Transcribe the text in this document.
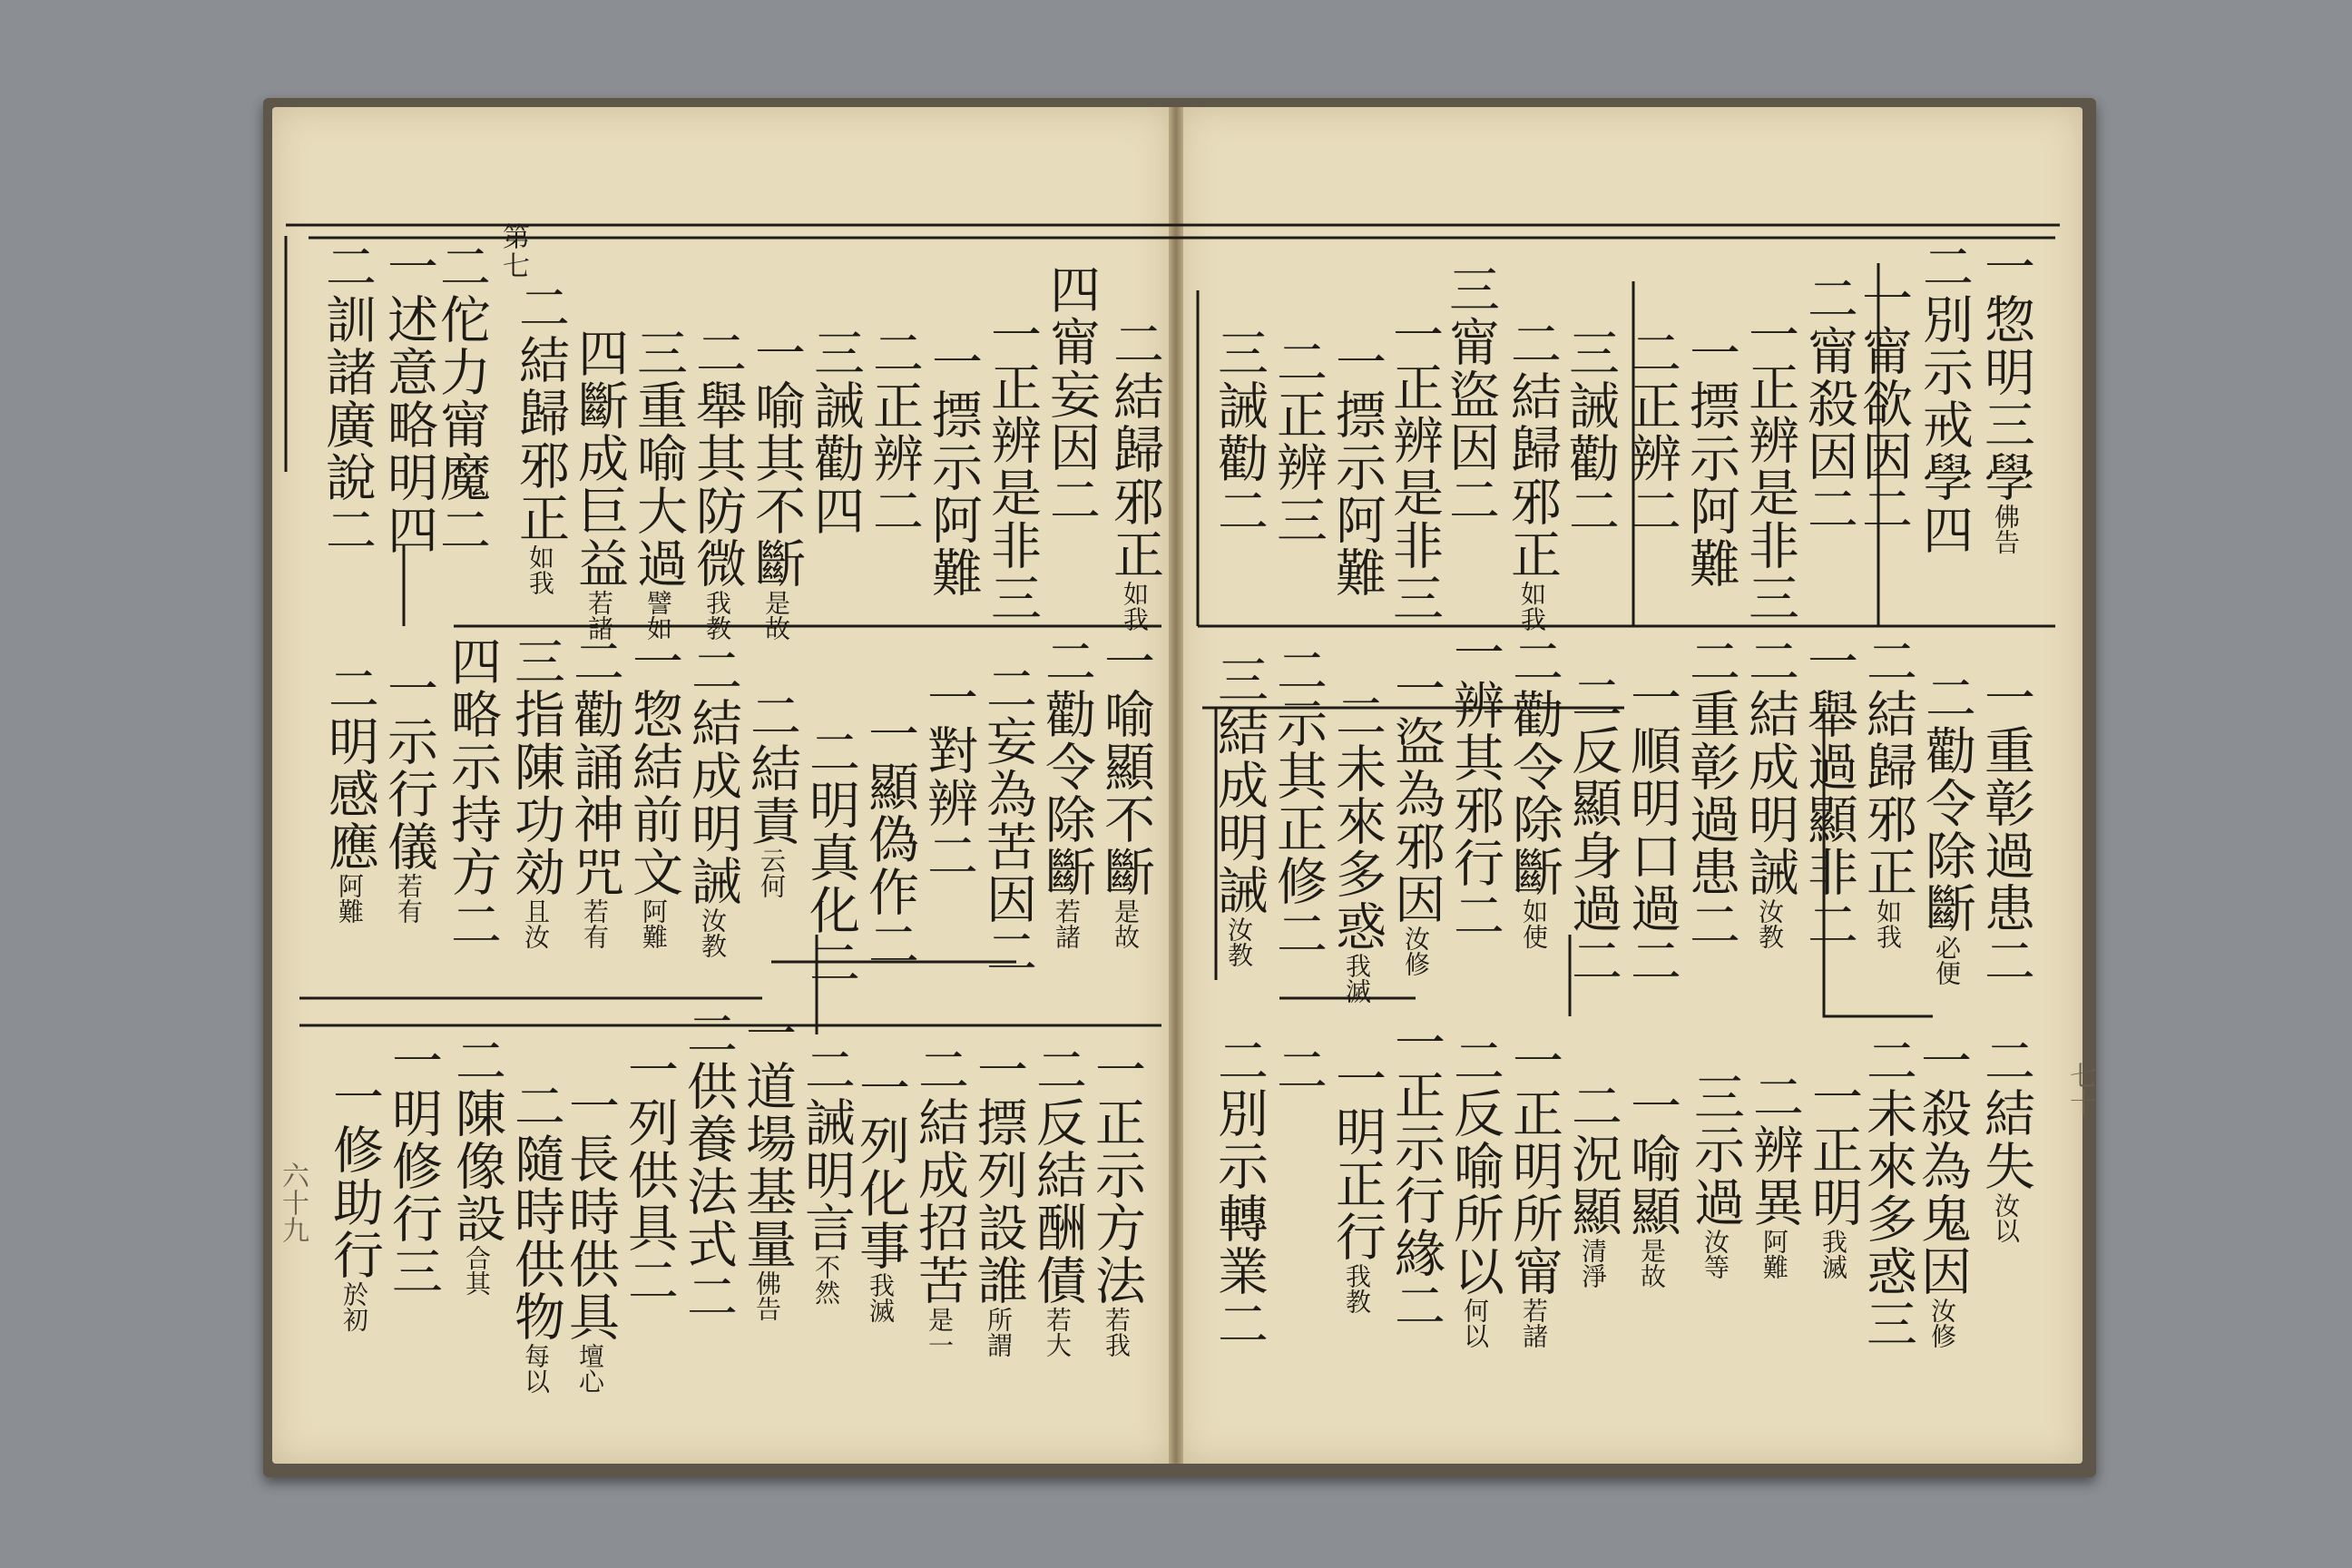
七十
六十九
一惣明三學佛告
二別示戒學四
一甯欲因二
二甯殺因二
一正辨是非三
一摽示阿難
二正辨二
三誡勸二
二結歸邪正如我
三甯盜因二
一正辨是非三
一摽示阿難
二正辨三
三誡勸二
二結歸邪正如我
四甯妄因二
一正辨是非三
一摽示阿難
二正辨二
三誡勸四
一喻其不斷是故
二舉其防微我教
三重喻大過譬如
四斷成巨益若諸
二結歸邪正如我
第七
二佗力甯魔二
一述意略明四
二訓諸廣說二
一重彰過患二
二勸令除斷必便
二結歸邪正如我
一舉過顯非二
二結成明誡汝教
二重彰過患二
一順明口過二
二反顯身過二
二勸令除斷如使
一辨其邪行二
一盜為邪因汝修
二未來多惑我滅
二示其正修二
三結成明誡汝教
一喻顯不斷是故
二勸令除斷若諸
二妄為苦因二
一對辨二
一顯偽作二
二明真化二
二結責云何
二結成明誡汝教
一惣結前文阿難
二勸誦神咒若有
三指陳功効且汝
四略示持方二
一示行儀若有
二明感應阿難
二結失汝以
一殺為鬼因汝修
二未來多惑三
一正明我滅
二辨異阿難
三示過汝等
一喻顯是故
二況顯清淨
一正明所甯若諸
二反喻所以何以
一正示行緣二
一明正行我教
二
二別示轉業二
一正示方法若我
二反結酬債若大
一摽列設誰所謂
二結成招苦是一
一列化事我滅
二誡明言不然
一道場基量佛告
二供養法式二
一列供具二
一長時供具壇心
二隨時供物每以
二陳像設合其
一明修行三
一修助行於初
